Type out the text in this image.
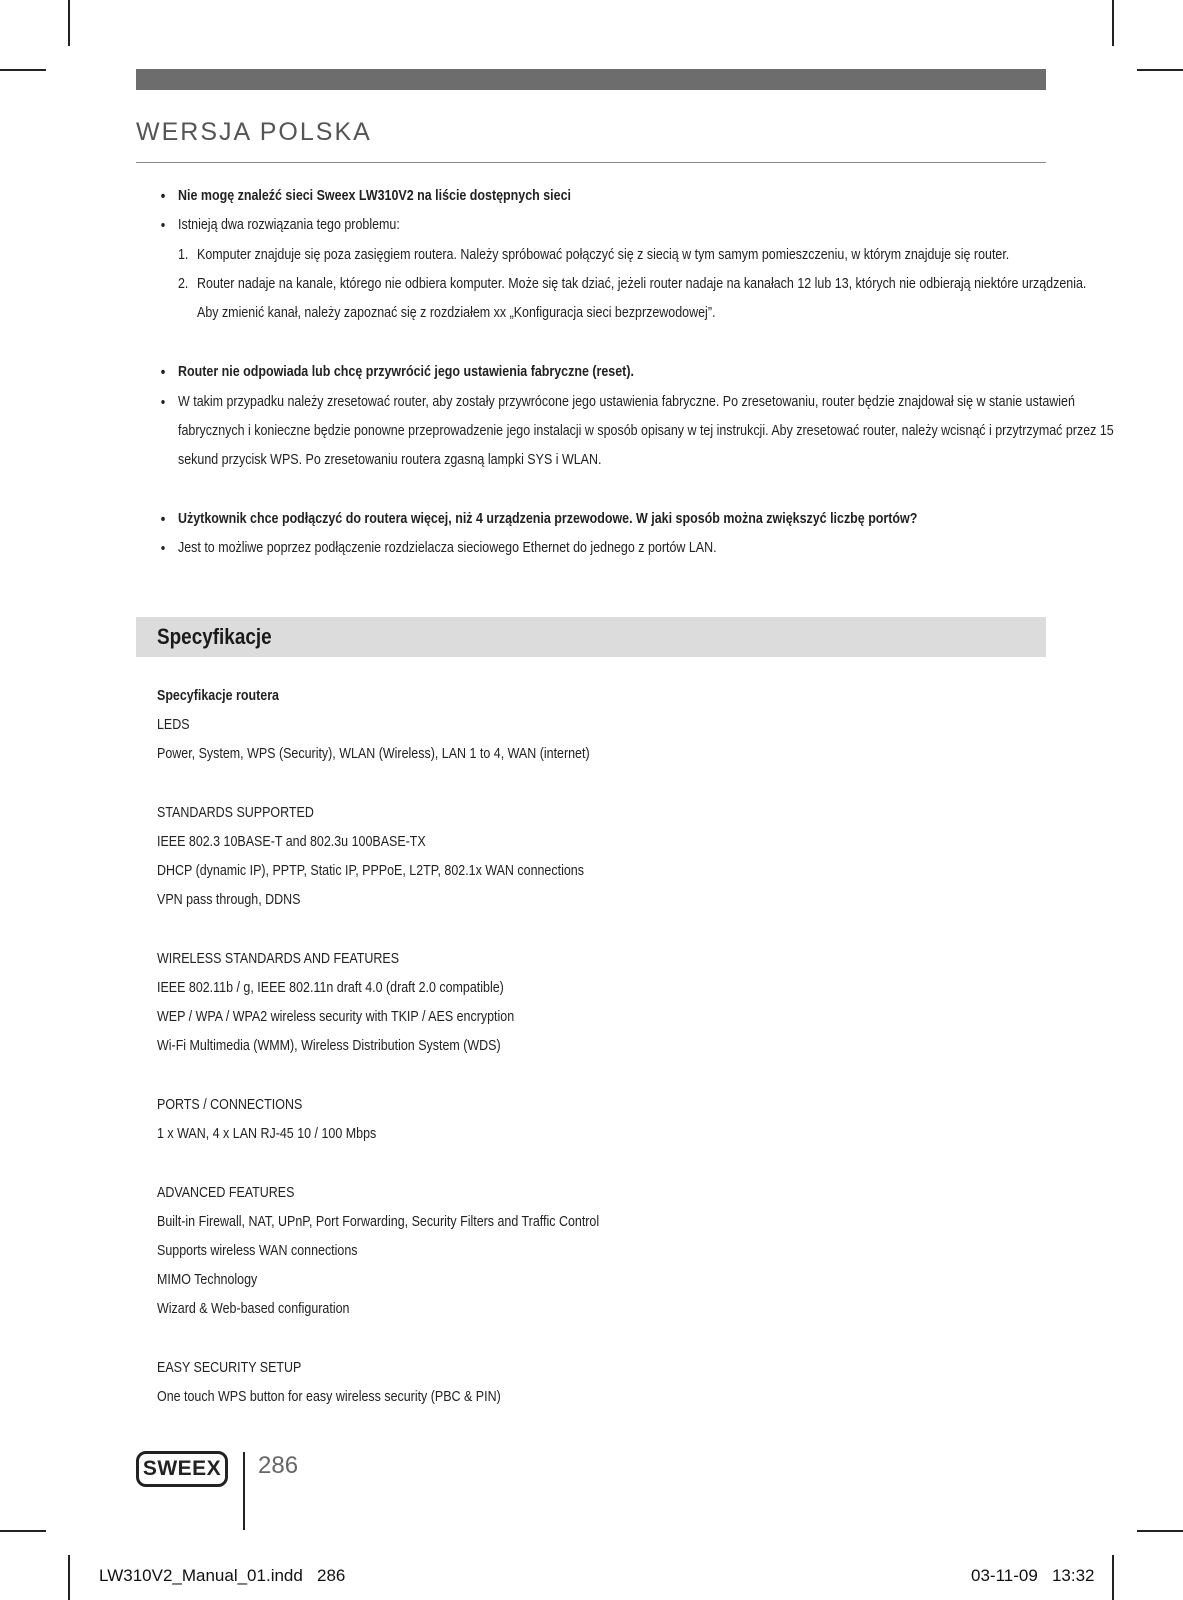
WERSJA POLSKA
• Nie mogę znaleźć sieci Sweex LW310V2 na liście dostępnych sieci
• Istnieją dwa rozwiązania tego problemu:
1. Komputer znajduje się poza zasięgiem routera. Należy spróbować połączyć się z siecią w tym samym pomieszczeniu, w którym znajduje się router.
2. Router nadaje na kanale, którego nie odbiera komputer. Może się tak dziać, jeżeli router nadaje na kanałach 12 lub 13, których nie odbierają niektóre urządzenia.
Aby zmienić kanał, należy zapoznać się z rozdziałem xx „Konfiguracja sieci bezprzewodowej”.
• Router nie odpowiada lub chcę przywrócić jego ustawienia fabryczne (reset).
• W takim przypadku należy zresetować router, aby zostały przywrócone jego ustawienia fabryczne. Po zresetowaniu, router będzie znajdował się w stanie ustawień
fabrycznych i konieczne będzie ponowne przeprowadzenie jego instalacji w sposób opisany w tej instrukcji. Aby zresetować router, należy wcisnąć i przytrzymać przez 15
sekund przycisk WPS. Po zresetowaniu routera zgasną lampki SYS i WLAN.
• Użytkownik chce podłączyć do routera więcej, niż 4 urządzenia przewodowe. W jaki sposób można zwiększyć liczbę portów?
• Jest to możliwe poprzez podłączenie rozdzielacza sieciowego Ethernet do jednego z portów LAN.
Specyfikacje
Specyfikacje routera
LEDS
Power, System, WPS (Security), WLAN (Wireless), LAN 1 to 4, WAN (internet)
STANDARDS SUPPORTED
IEEE 802.3 10BASE-T and 802.3u 100BASE-TX
DHCP (dynamic IP), PPTP, Static IP, PPPoE, L2TP, 802.1x WAN connections
VPN pass through, DDNS
WIRELESS STANDARDS AND FEATURES
IEEE 802.11b / g, IEEE 802.11n draft 4.0 (draft 2.0 compatible)
WEP / WPA / WPA2 wireless security with TKIP / AES encryption
Wi-Fi Multimedia (WMM), Wireless Distribution System (WDS)
PORTS / CONNECTIONS
1 x WAN, 4 x LAN RJ-45 10 / 100 Mbps
ADVANCED FEATURES
Built-in Firewall, NAT, UPnP, Port Forwarding, Security Filters and Traffic Control
Supports wireless WAN connections
MIMO Technology
Wizard & Web-based configuration
EASY SECURITY SETUP
One touch WPS button for easy wireless security (PBC & PIN)
SWEEX 286
LW310V2_Manual_01.indd   286	03-11-09   13:32
